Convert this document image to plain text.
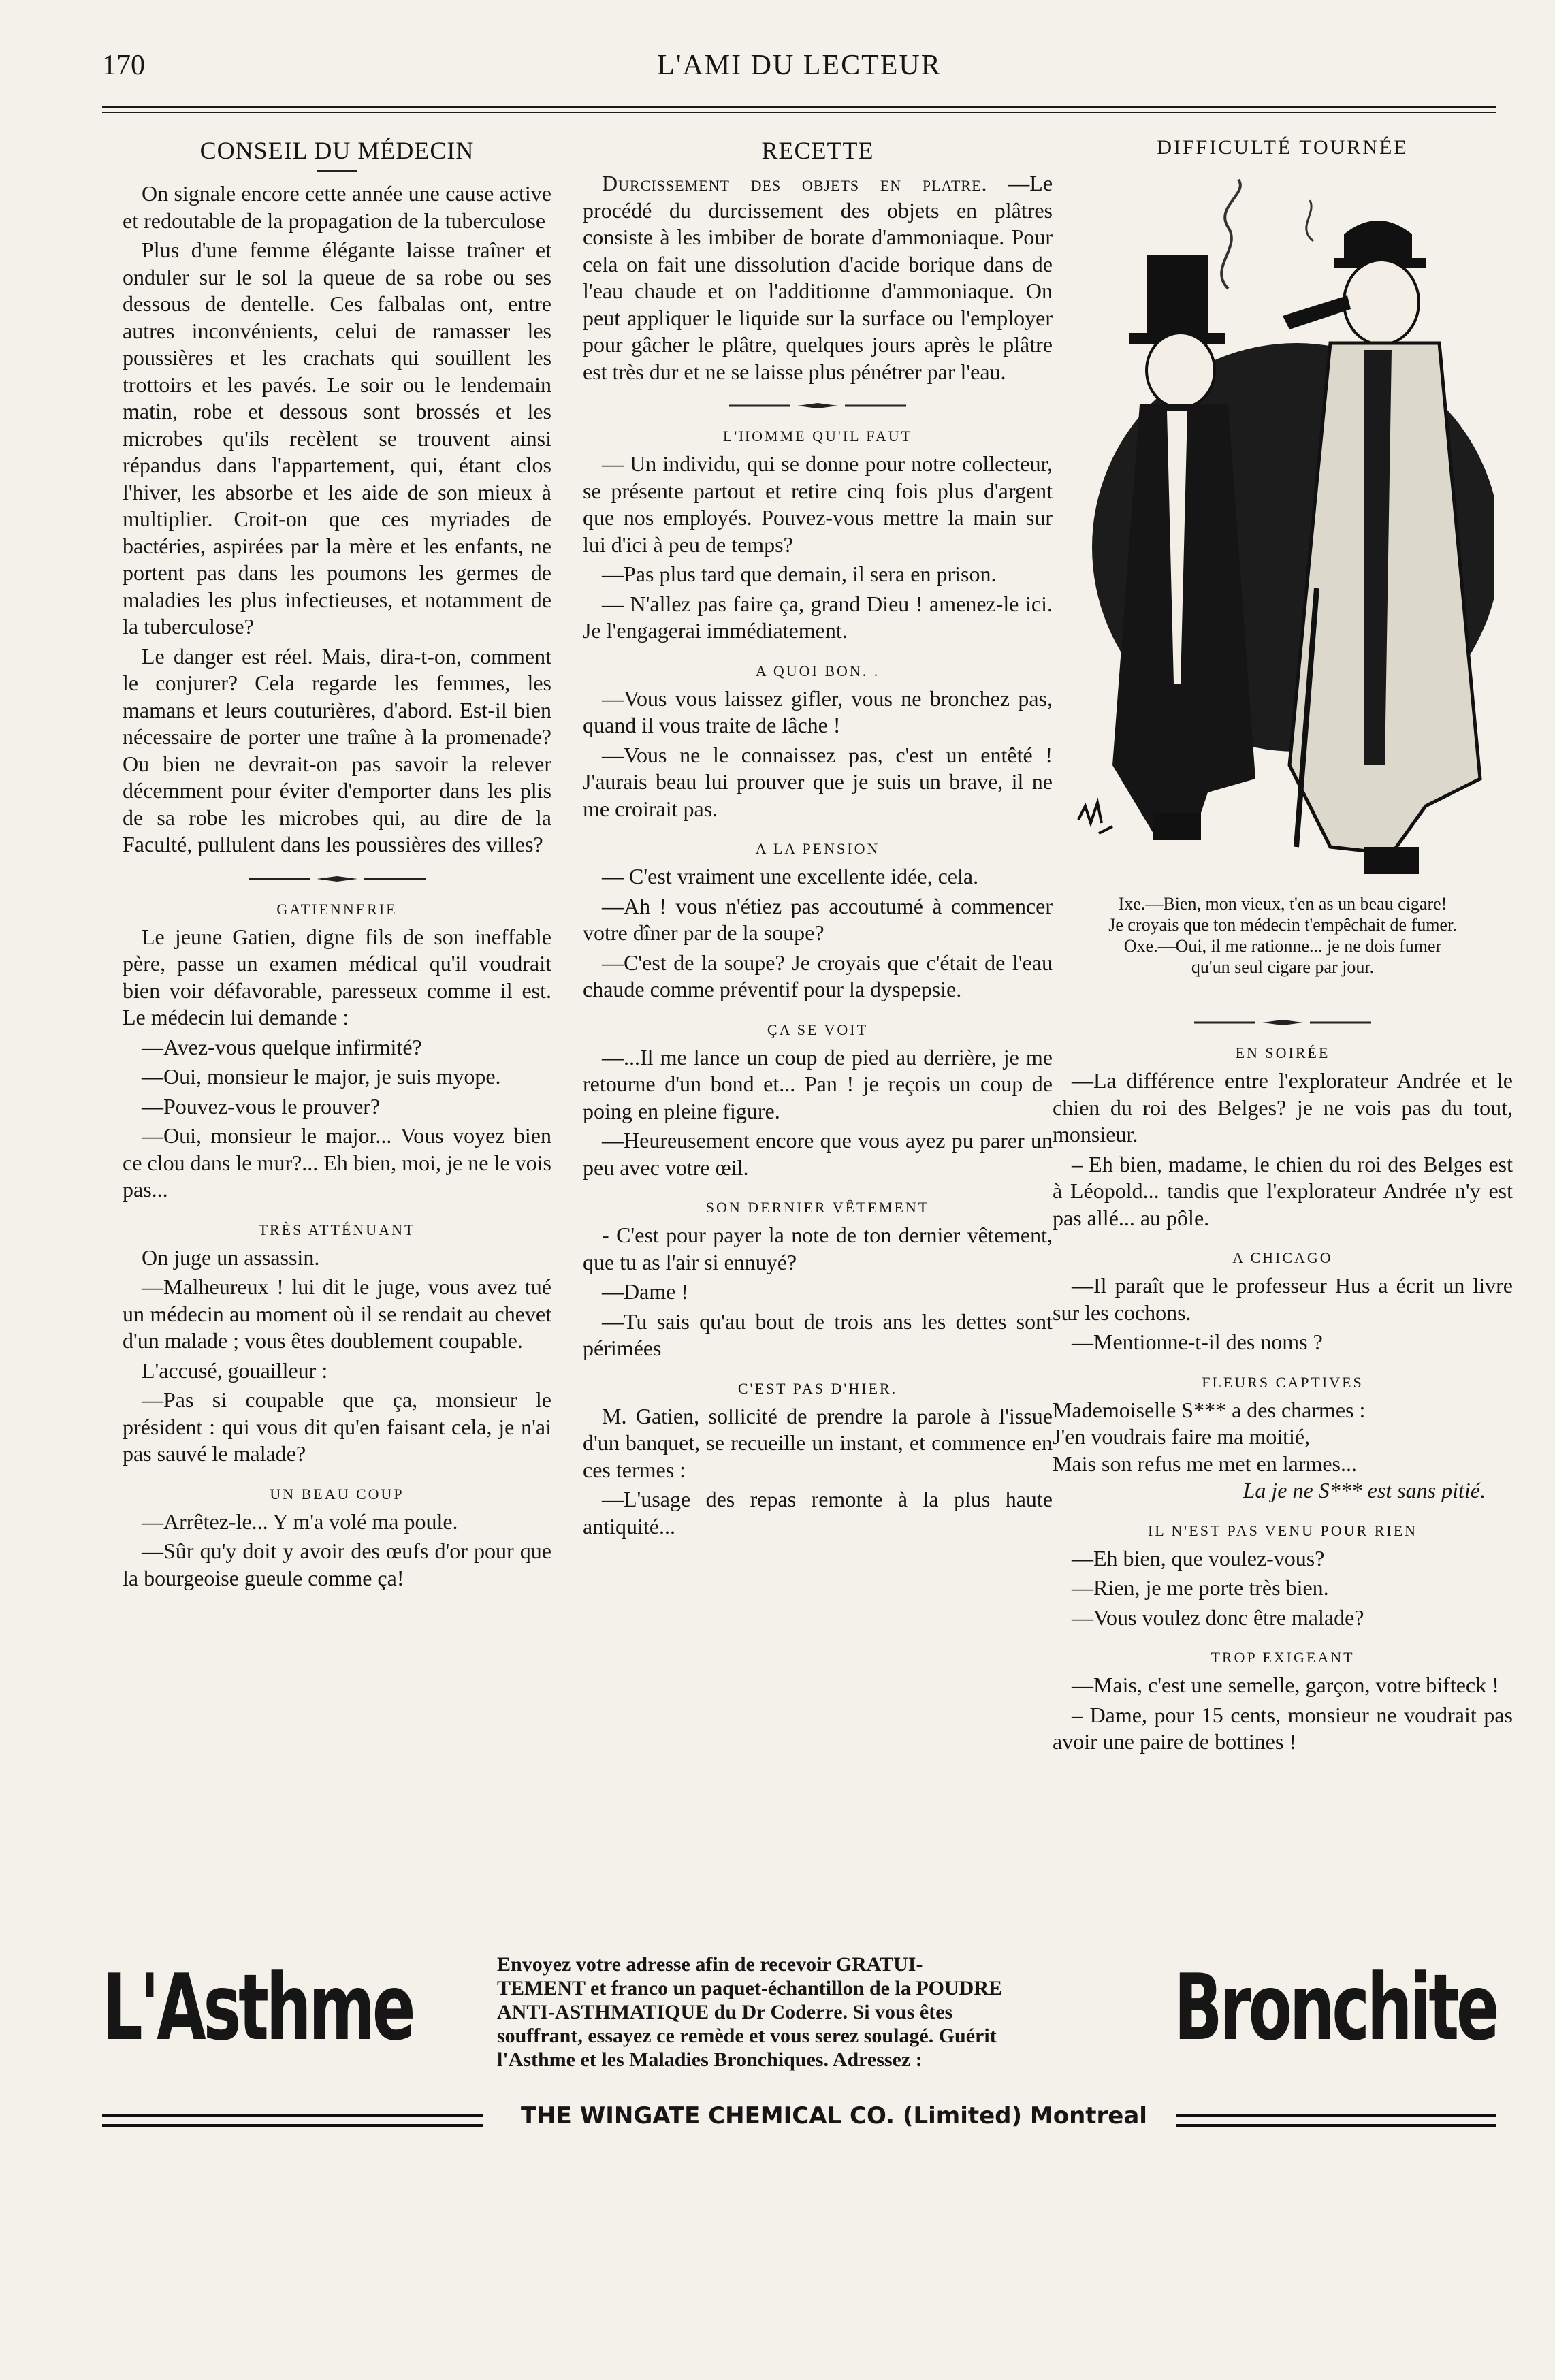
170	L'AMI DU LECTEUR
CONSEIL DU MÉDECIN

On signale encore cette année une cause active et redoutable de la propagation de la tuberculose

Plus d'une femme élégante laisse traîner et onduler sur le sol la queue de sa robe ou ses dessous de dentelle. Ces falbalas ont, entre autres inconvénients, celui de ramasser les poussières et les crachats qui souillent les trottoirs et les pavés. Le soir ou le lendemain matin, robe et dessous sont brossés et les microbes qu'ils recèlent se trouvent ainsi répandus dans l'appartement, qui, étant clos l'hiver, les absorbe et les aide de son mieux à multiplier. Croit-on que ces myriades de bactéries, aspirées par la mère et les enfants, ne portent pas dans les poumons les germes de maladies les plus infectieuses, et notamment de la tuberculose?

Le danger est réel. Mais, dira-t-on, comment le conjurer? Cela regarde les femmes, les mamans et leurs couturières, d'abord. Est-il bien nécessaire de porter une traîne à la promenade? Ou bien ne devrait-on pas savoir la relever décemment pour éviter d'emporter dans les plis de sa robe les microbes qui, au dire de la Faculté, pullulent dans les poussières des villes?

GATIENNERIE

Le jeune Gatien, digne fils de son ineffable père, passe un examen médical qu'il voudrait bien voir défavorable, paresseux comme il est. Le médecin lui demande :

—Avez-vous quelque infirmité?

—Oui, monsieur le major, je suis myope.

—Pouvez-vous le prouver?

—Oui, monsieur le major... Vous voyez bien ce clou dans le mur?... Eh bien, moi, je ne le vois pas...

TRÈS ATTÉNUANT

On juge un assassin.

—Malheureux ! lui dit le juge, vous avez tué un médecin au moment où il se rendait au chevet d'un malade ; vous êtes doublement coupable.

L'accusé, gouailleur :

—Pas si coupable que ça, monsieur le président : qui vous dit qu'en faisant cela, je n'ai pas sauvé le malade?

UN BEAU COUP

—Arrêtez-le... Y m'a volé ma poule.

—Sûr qu'y doit y avoir des œufs d'or pour que la bourgeoise gueule comme ça!

RECETTE

Durcissement des objets en platre. —Le procédé du durcissement des objets en plâtres consiste à les imbiber de borate d'ammoniaque. Pour cela on fait une dissolution d'acide borique dans de l'eau chaude et on l'additionne d'ammoniaque. On peut appliquer le liquide sur la surface ou l'employer pour gâcher le plâtre, quelques jours après le plâtre est très dur et ne se laisse plus pénétrer par l'eau.

L'HOMME QU'IL FAUT

— Un individu, qui se donne pour notre collecteur, se présente partout et retire cinq fois plus d'argent que nos employés. Pouvez-vous mettre la main sur lui d'ici à peu de temps?

—Pas plus tard que demain, il sera en prison.

— N'allez pas faire ça, grand Dieu ! amenez-le ici. Je l'engagerai immédiatement.

A QUOI BON. .

—Vous vous laissez gifler, vous ne bronchez pas, quand il vous traite de lâche !

—Vous ne le connaissez pas, c'est un entêté ! J'aurais beau lui prouver que je suis un brave, il ne me croirait pas.

A LA PENSION

— C'est vraiment une excellente idée, cela.

—Ah ! vous n'étiez pas accoutumé à commencer votre dîner par de la soupe?

—C'est de la soupe? Je croyais que c'était de l'eau chaude comme préventif pour la dyspepsie.

ÇA SE VOIT

—...Il me lance un coup de pied au derrière, je me retourne d'un bond et... Pan ! je reçois un coup de poing en pleine figure.

—Heureusement encore que vous ayez pu parer un peu avec votre œil.

SON DERNIER VÊTEMENT

- C'est pour payer la note de ton dernier vêtement, que tu as l'air si ennuyé?

—Dame !

—Tu sais qu'au bout de trois ans les dettes sont périmées

C'EST PAS D'HIER.

M. Gatien, sollicité de prendre la parole à l'issue d'un banquet, se recueille un instant, et commence en ces termes :

—L'usage des repas remonte à la plus haute antiquité...

DIFFICULTÉ TOURNÉE

Ixe.—Bien, mon vieux, t'en as un beau cigare!

Je croyais que ton médecin t'empêchait de fumer.

Oxe.—Oui, il me rationne... je ne dois fumer

qu'un seul cigare par jour.

EN SOIRÉE

—La différence entre l'explorateur Andrée et le chien du roi des Belges? je ne vois pas du tout, monsieur.

– Eh bien, madame, le chien du roi des Belges est à Léopold... tandis que l'explorateur Andrée n'y est pas allé... au pôle.

A CHICAGO

—Il paraît que le professeur Hus a écrit un livre sur les cochons.

—Mentionne-t-il des noms ?

FLEURS CAPTIVES

Mademoiselle S*** a des charmes :

J'en voudrais faire ma moitié,

Mais son refus me met en larmes...

La je ne S*** est sans pitié.

IL N'EST PAS VENU POUR RIEN

—Eh bien, que voulez-vous?

—Rien, je me porte très bien.

—Vous voulez donc être malade?

TROP EXIGEANT

—Mais, c'est une semelle, garçon, votre bifteck !

– Dame, pour 15 cents, monsieur ne voudrait pas avoir une paire de bottines !

L'Asthme	Envoyez votre adresse afin de recevoir GRATUI-
TEMENT et franco un paquet-échantillon de la POUDRE
ANTI-ASTHMATIQUE du Dr Coderre. Si vous êtes
souffrant, essayez ce remède et vous serez soulagé. Guérit
l'Asthme et les Maladies Bronchiques. Adressez :	Bronchite
THE WINGATE CHEMICAL CO. (Limited) Montreal
